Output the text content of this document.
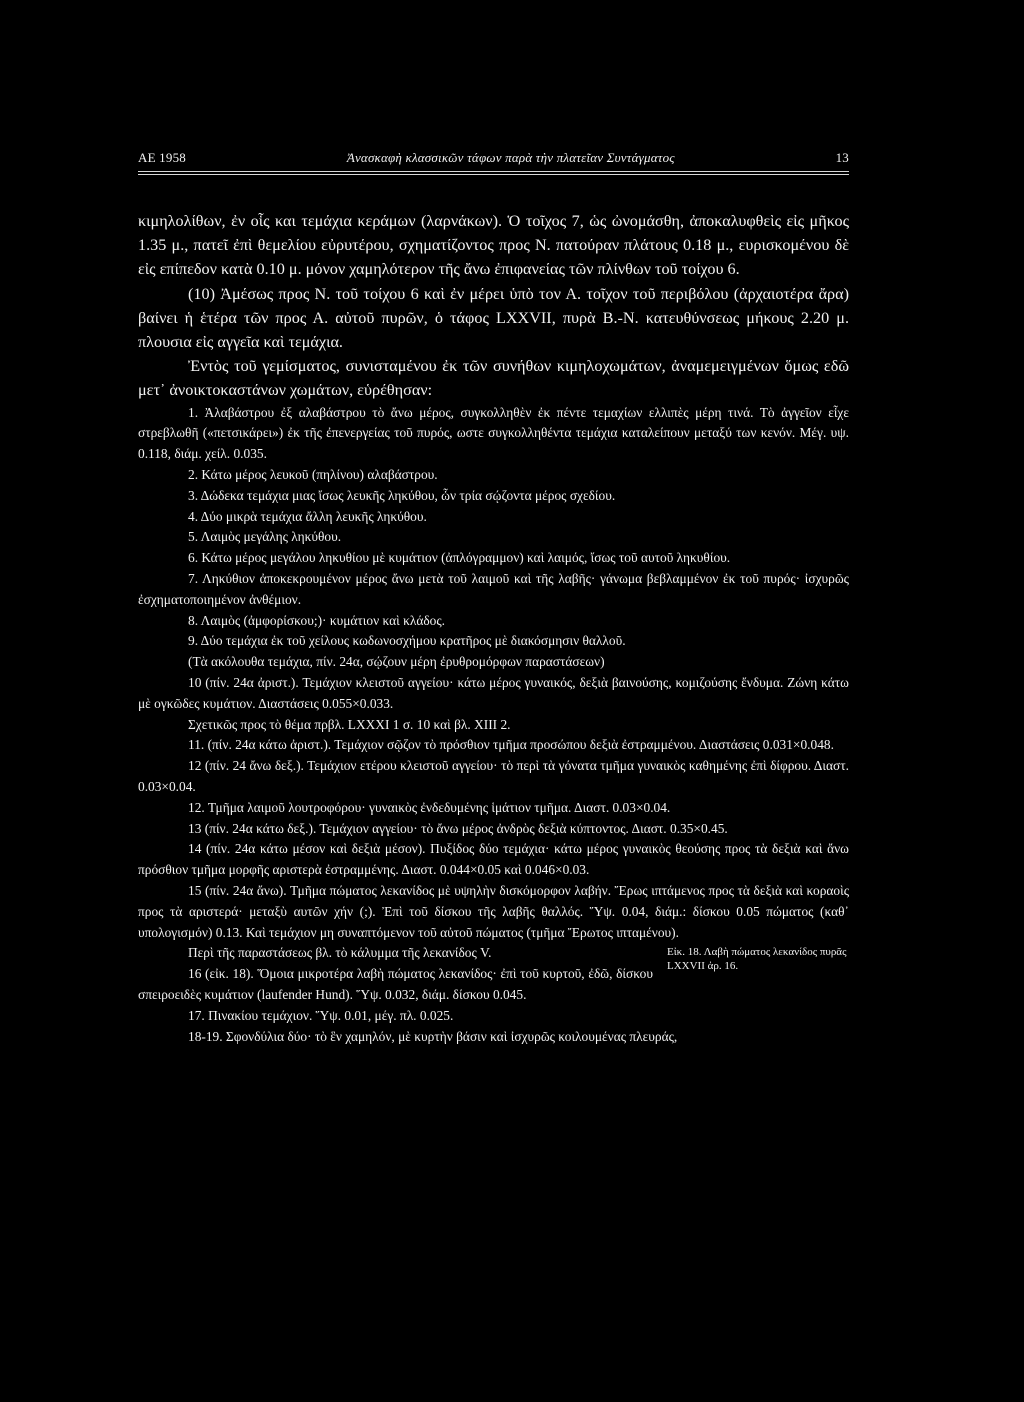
ΑΕ 1958	Ἀνασκαφὴ κλασσικῶν τάφων παρὰ τὴν πλατεῖαν Συντάγματος	13

κιμηλολίθων, ἐν οἷς και τεμάχια κεράμων (λαρνάκων). Ὁ τοῖχος 7, ὡς ὠνομάσθη, ἀποκαλυφθεὶς εἰς μῆκος 1.35 μ., πατεῖ ἐπὶ θεμελίου εὐρυτέρου, σχηματίζοντος προς Ν. πατούραν πλάτους 0.18 μ., ευρισκομένου δὲ εἰς επίπεδον κατὰ 0.10 μ. μόνον χαμηλότερον τῆς ἄνω ἐπιφανείας τῶν πλίνθων τοῦ τοίχου 6.

(10) Ἀμέσως προς Ν. τοῦ τοίχου 6 καὶ ἐν μέρει ὑπὸ τον Α. τοῖχον τοῦ περιβόλου (ἀρχαιοτέρα ἄρα) βαίνει ἡ ἑτέρα τῶν προς Α. αὐτοῦ πυρῶν, ὁ τάφος LXXVII, πυρὰ Β.-Ν. κατευθύνσεως μήκους 2.20 μ. πλουσια εἰς αγγεῖα καὶ τεμάχια.

Ἐντὸς τοῦ γεμίσματος, συνισταμένου ἐκ τῶν συνήθων κιμηλοχωμάτων, ἀναμεμειγμένων ὅμως εδῶ μετ᾽ ἀνοικτοκαστάνων χωμάτων, εὑρέθησαν:

1. Ἀλαβάστρου ἐξ αλαβάστρου τὸ ἄνω μέρος, συγκολληθὲν ἐκ πέντε τεμαχίων ελλιπὲς μέρη τινά. Τὸ ἀγγεῖον εἶχε στρεβλωθῆ («πετσικάρει») ἐκ τῆς ἐπενεργείας τοῦ πυρός, ωστε συγκολληθέντα τεμάχια καταλείπουν μεταξύ των κενόν. Μέγ. υψ. 0.118, διάμ. χείλ. 0.035.

2. Κάτω μέρος λευκοῦ (πηλίνου) αλαβάστρου.

3. Δώδεκα τεμάχια μιας ἴσως λευκῆς ληκύθου, ὧν τρία σῴζοντα μέρος σχεδίου.

4. Δύο μικρὰ τεμάχια ἄλλη λευκῆς ληκύθου.

5. Λαιμὸς μεγάλης ληκύθου.

6. Κάτω μέρος μεγάλου ληκυθίου μὲ κυμάτιον (ἀπλόγραμμον) καὶ λαιμός, ἴσως τοῦ αυτοῦ ληκυθίου.

7. Ληκύθιον ἀποκεκρουμένον μέρος ἄνω μετὰ τοῦ λαιμοῦ καὶ τῆς λαβῆς· γάνωμα βεβλαμμένον ἐκ τοῦ πυρός· ἰσχυρῶς ἐσχηματοποιημένον ἀνθέμιον.

8. Λαιμὸς (ἀμφορίσκου;)· κυμάτιον καὶ κλάδος.

9. Δύο τεμάχια ἐκ τοῦ χείλους κωδωνοσχήμου κρατῆρος μὲ διακόσμησιν θαλλοῦ.

(Τὰ ακόλουθα τεμάχια, πίν. 24α, σῴζουν μέρη ἐρυθρομόρφων παραστάσεων)

10 (πίν. 24α ἀριστ.). Τεμάχιον κλειστοῦ αγγείου· κάτω μέρος γυναικός, δεξιὰ βαινούσης, κομιζούσης ἔνδυμα. Ζώνη κάτω μὲ ογκῶδες κυμάτιον. Διαστάσεις 0.055×0.033.

Σχετικῶς προς τὸ θέμα πρβλ. LXXXI 1 σ. 10 καὶ βλ. XIII 2.

11. (πίν. 24α κάτω ἀριστ.). Τεμάχιον σῷζον τὸ πρόσθιον τμῆμα προσώπου δεξιὰ ἐστραμμένου. Διαστάσεις 0.031×0.048.

12 (πίν. 24 ἄνω δεξ.). Τεμάχιον ετέρου κλειστοῦ αγγείου· τὸ περὶ τὰ γόνατα τμῆμα γυναικὸς καθημένης ἐπὶ δίφρου. Διαστ. 0.03×0.04.

12. Τμῆμα λαιμοῦ λουτροφόρου· γυναικὸς ἐνδεδυμένης ἱμάτιον τμῆμα. Διαστ. 0.03×0.04.

13 (πίν. 24α κάτω δεξ.). Τεμάχιον αγγείου· τὸ ἄνω μέρος ἀνδρὸς δεξιὰ κύπτοντος. Διαστ. 0.35×0.45.

14 (πίν. 24α κάτω μέσον καὶ δεξιὰ μέσον). Πυξίδος δύο τεμάχια· κάτω μέρος γυναικὸς θεούσης προς τὰ δεξιὰ καὶ ἄνω πρόσθιον τμῆμα μορφῆς αριστερὰ ἐστραμμένης. Διαστ. 0.044×0.05 καὶ 0.046×0.03.

15 (πίν. 24α ἄνω). Τμῆμα πώματος λεκανίδος μὲ υψηλὴν δισκόμορφον λαβήν. Ἔρως ιπτάμενος προς τὰ δεξιὰ καὶ κοραοὶς προς τὰ αριστερά· μεταξὺ αυτῶν χήν (;). Ἐπὶ τοῦ δίσκου τῆς λαβῆς θαλλός. Ὕψ. 0.04, διάμ.: δίσκου 0.05 πώματος (καθ᾽ υπολογισμόν) 0.13. Καὶ τεμάχιον μη συναπτόμενον τοῦ αὐτοῦ πώματος (τμῆμα Ἔρωτος ιπταμένου).

Εἰκ. 18. Λαβὴ πώματος λεκανίδος πυρᾶς LXXVII ἀρ. 16.

Περὶ τῆς παραστάσεως βλ. τὸ κάλυμμα τῆς λεκανίδος V.

16 (εἰκ. 18). Ὅμοια μικροτέρα λαβὴ πώματος λεκανίδος· ἐπὶ τοῦ κυρτοῦ, ἐδῶ, δίσκου σπειροειδὲς κυμάτιον (laufender Hund). Ὕψ. 0.032, διάμ. δίσκου 0.045.

17. Πινακίου τεμάχιον. Ὕψ. 0.01, μέγ. πλ. 0.025.

18-19. Σφονδύλια δύο· τὸ ἓν χαμηλόν, μὲ κυρτὴν βάσιν καὶ ἰσχυρῶς κοιλουμένας πλευράς,
